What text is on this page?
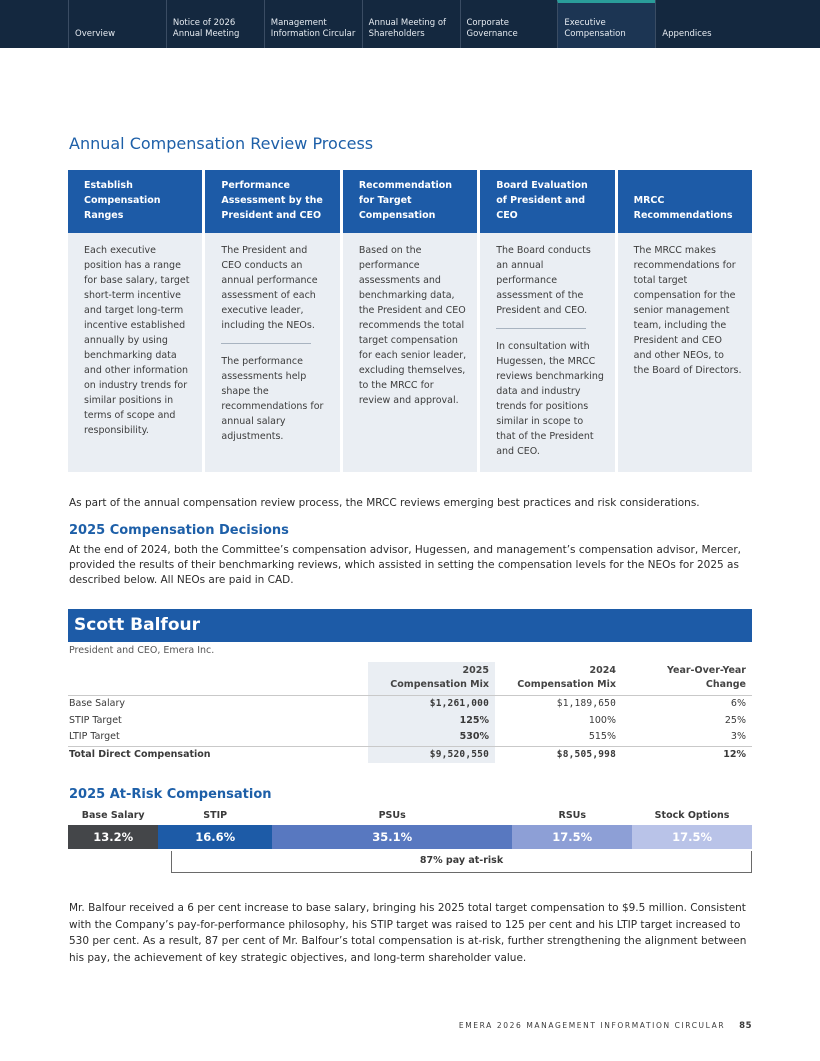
Overview
Notice of 2026
Annual Meeting
Management
Information Circular
Annual Meeting of
Shareholders
Corporate
Governance
Executive
Compensation	Appendices
Annual Compensation Review Process
Establish Compensation Ranges

Each executive position has a range for base salary, target short-term incentive and target long-term incentive established annually by using benchmarking data and other information on industry trends for similar positions in terms of scope and responsibility.

Performance Assessment by the President and CEO

The President and CEO conducts an annual performance assessment of each executive leader, including the NEOs.

The performance assessments help shape the recommendations for annual salary adjustments.

Recommendation for Target Compensation

Based on the performance assessments and benchmarking data, the President and CEO recommends the total target compensation for each senior leader, excluding themselves, to the MRCC for review and approval.

Board Evaluation of President and CEO

The Board conducts an annual performance assessment of the President and CEO.

In consultation with Hugessen, the MRCC reviews benchmarking data and industry trends for positions similar in scope to that of the President and CEO.

MRCC Recommendations

The MRCC makes recommendations for total target compensation for the senior management team, including the President and CEO and other NEOs, to the Board of Directors.

As part of the annual compensation review process, the MRCC reviews emerging best practices and risk considerations.

2025 Compensation Decisions

At the end of 2024, both the Committee’s compensation advisor, Hugessen, and management’s compensation advisor, Mercer, provided the results of their benchmarking reviews, which assisted in setting the compensation levels for the NEOs for 2025 as described below. All NEOs are paid in CAD.

Scott Balfour
President and CEO, Emera Inc.
	2025
Compensation Mix	2024
Compensation Mix	Year-Over-Year
Change
Base Salary	$1,261,000	$1,189,650	6%
STIP Target	125%	100%	25%
LTIP Target	530%	515%	3%
Total Direct Compensation	$9,520,550	$8,505,998	12%
2025 At-Risk Compensation
Base Salary	STIP	PSUs	RSUs	Stock Options
13.2%	16.6%	35.1%	17.5%	17.5%
87% pay at-risk

Mr. Balfour received a 6 per cent increase to base salary, bringing his 2025 total target compensation to $9.5 million. Consistent with the Company’s pay-for-performance philosophy, his STIP target was raised to 125 per cent and his LTIP target increased to 530 per cent. As a result, 87 per cent of Mr. Balfour’s total compensation is at-risk, further strengthening the alignment between his pay, the achievement of key strategic objectives, and long-term shareholder value.

EMERA 2026 MANAGEMENT INFORMATION CIRCULAR 85
